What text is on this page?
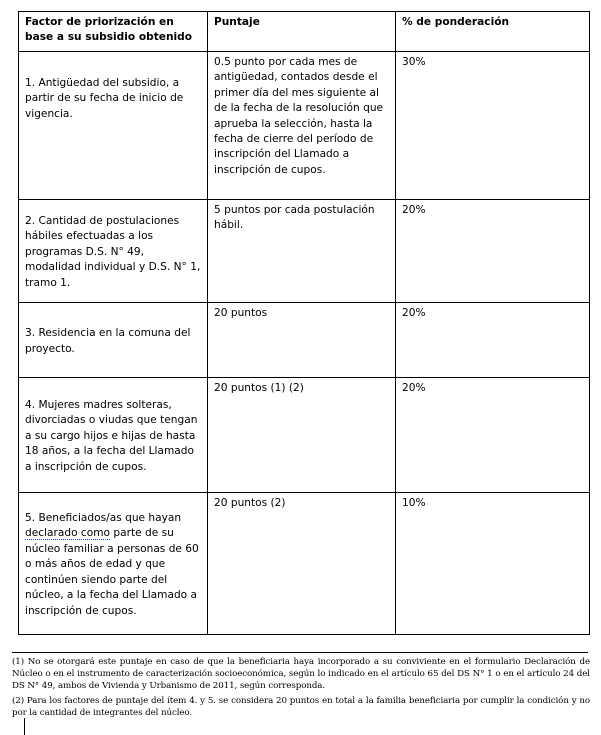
Factor de priorización en base a su subsidio obtenido	Puntaje	% de ponderación
1. Antigüedad del subsidio, a partir de su fecha de inicio de vigencia.	0.5 punto por cada mes de antigüedad, contados desde el primer día del mes siguiente al de la fecha de la resolución que aprueba la selección, hasta la fecha de cierre del período de inscripción del Llamado a inscripción de cupos.	30%
2. Cantidad de postulaciones hábiles efectuadas a los programas D.S. N° 49, modalidad individual y D.S. N° 1, tramo 1.	5 puntos por cada postulación hábil.	20%
3. Residencia en la comuna del proyecto.	20 puntos	20%
4. Mujeres madres solteras, divorciadas o viudas que tengan a su cargo hijos e hijas de hasta 18 años, a la fecha del Llamado a inscripción de cupos.	20 puntos (1) (2)	20%
5. Beneficiados/as que hayan declarado como parte de su núcleo familiar a personas de 60 o más años de edad y que continúen siendo parte del núcleo, a la fecha del Llamado a inscripción de cupos.	20 puntos (2)	10%
(1) No se otorgará este puntaje en caso de que la beneficiaria haya incorporado a su conviviente en el formulario Declaración de Núcleo o en el instrumento de caracterización socioeconómica, según lo indicado en el artículo 65 del DS N° 1 o en el artículo 24 del DS N° 49, ambos de Vivienda y Urbanismo de 2011, según corresponda.
(2) Para los factores de puntaje del ítem 4. y 5. se considera 20 puntos en total a la familia beneficiaria por cumplir la condición y no por la cantidad de integrantes del núcleo.
